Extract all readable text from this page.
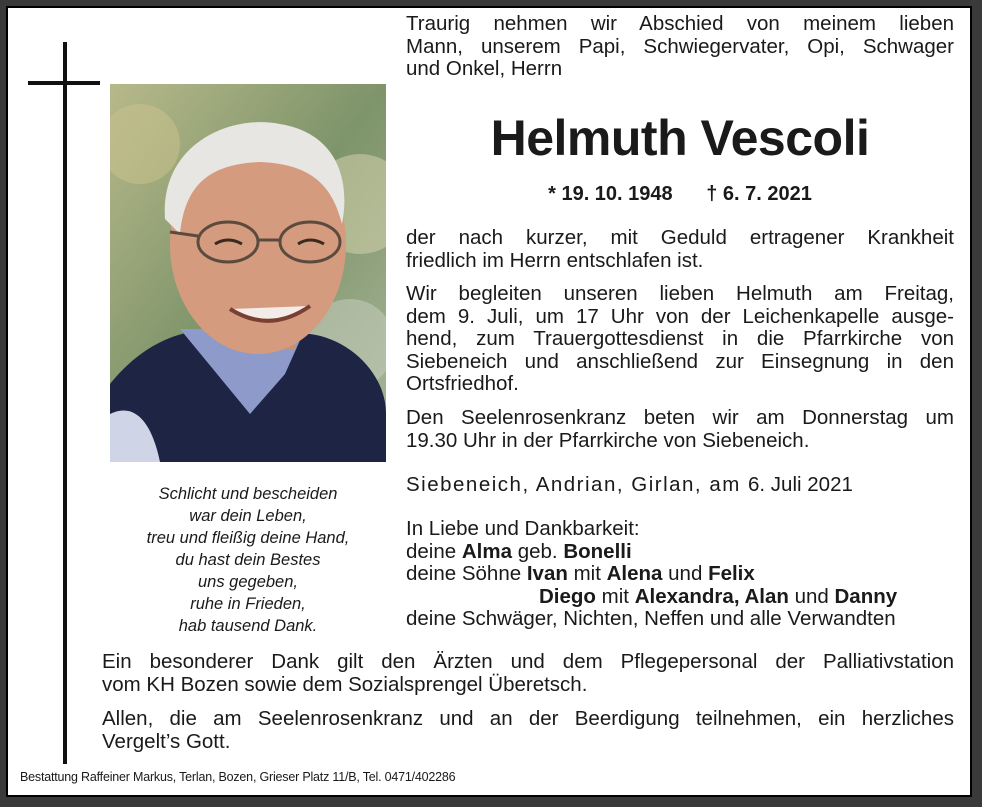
Schlicht und bescheiden
war dein Leben,
treu und fleißig deine Hand,
du hast dein Bestes
uns gegeben,
ruhe in Frieden,
hab tausend Dank.
Traurig nehmen wir Abschied von meinem lieben
Mann, unserem Papi, Schwiegervater, Opi, Schwager
und Onkel, Herrn
Helmuth Vescoli
* 19. 10. 1948 † 6. 7. 2021
der nach kurzer, mit Geduld ertragener Krankheit
friedlich im Herrn entschlafen ist.
Wir begleiten unseren lieben Helmuth am Freitag,
dem 9. Juli, um 17 Uhr von der Leichenkapelle ausge-
hend, zum Trauergottesdienst in die Pfarrkirche von
Siebeneich und anschließend zur Einsegnung in den
Ortsfriedhof.
Den Seelenrosenkranz beten wir am Donnerstag um
19.30 Uhr in der Pfarrkirche von Siebeneich.
Siebeneich, Andrian, Girlan, am 6. Juli 2021
In Liebe und Dankbarkeit:
deine Alma geb. Bonelli
deine Söhne Ivan mit Alena und Felix
Diego mit Alexandra, Alan und Danny
deine Schwäger, Nichten, Neffen und alle Verwandten
Ein besonderer Dank gilt den Ärzten und dem Pflegepersonal der Palliativstation
vom KH Bozen sowie dem Sozialsprengel Überetsch.
Allen, die am Seelenrosenkranz und an der Beerdigung teilnehmen, ein herzliches
Vergelt’s Gott.
Bestattung Raffeiner Markus, Terlan, Bozen, Grieser Platz 11/B, Tel. 0471/402286
